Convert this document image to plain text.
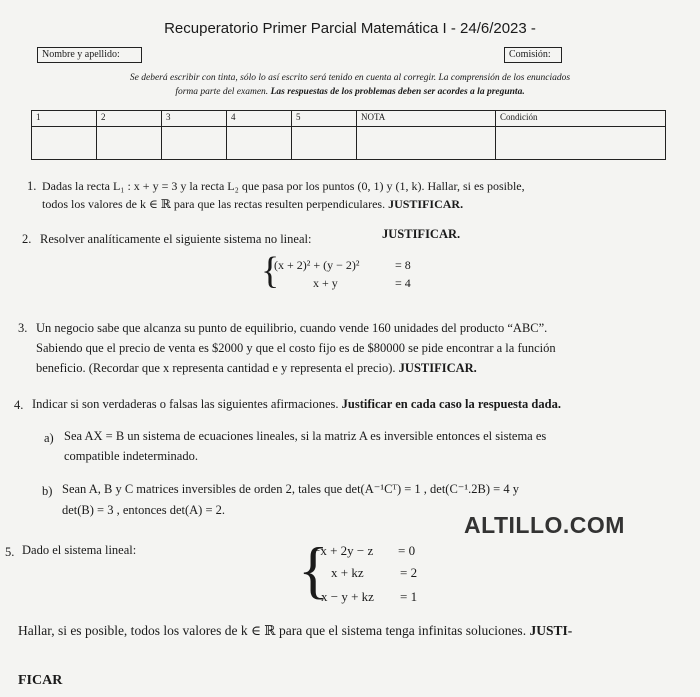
Recuperatorio Primer Parcial Matemática I - 24/6/2023 -
Nombre y apellido:	Comisión:
Se deberá escribir con tinta, sólo lo así escrito será tenido en cuenta al corregir. La comprensión de los enunciados
forma parte del examen. Las respuestas de los problemas deben ser acordes a la pregunta.
1	2	3	4	5	NOTA	Condición

1. Dadas la recta L₁ : x + y = 3 y la recta L₂ que pasa por los puntos (0, 1) y (1, k). Hallar, si es posible,
todos los valores de k ∈ ℝ para que las rectas resulten perpendiculares. JUSTIFICAR.
2. Resolver analíticamente el siguiente sistema no lineal:	JUSTIFICAR.
{
(x + 2)² + (y − 2)²	= 8
x + y	= 4
3. Un negocio sabe que alcanza su punto de equilibrio, cuando vende 160 unidades del producto “ABC”.
Sabiendo que el precio de venta es $2000 y que el costo fijo es de $80000 se pide encontrar a la función
beneficio. (Recordar que x representa cantidad e y representa el precio). JUSTIFICAR.
4. Indicar si son verdaderas o falsas las siguientes afirmaciones. Justificar en cada caso la respuesta dada.
a) Sea AX = B un sistema de ecuaciones lineales, si la matriz A es inversible entonces el sistema es
compatible indeterminado.
b) Sean A, B y C matrices inversibles de orden 2, tales que det(A⁻¹Cᵀ) = 1 , det(C⁻¹.2B) = 4 y
det(B) = 3 , entonces det(A) = 2.
ALTILLO.COM
5. Dado el sistema lineal:	{
−x + 2y − z = 0
x + kz	= 2
x − y + kz = 1
Hallar, si es posible, todos los valores de k ∈ ℝ para que el sistema tenga infinitas soluciones. JUSTI-
FICAR
